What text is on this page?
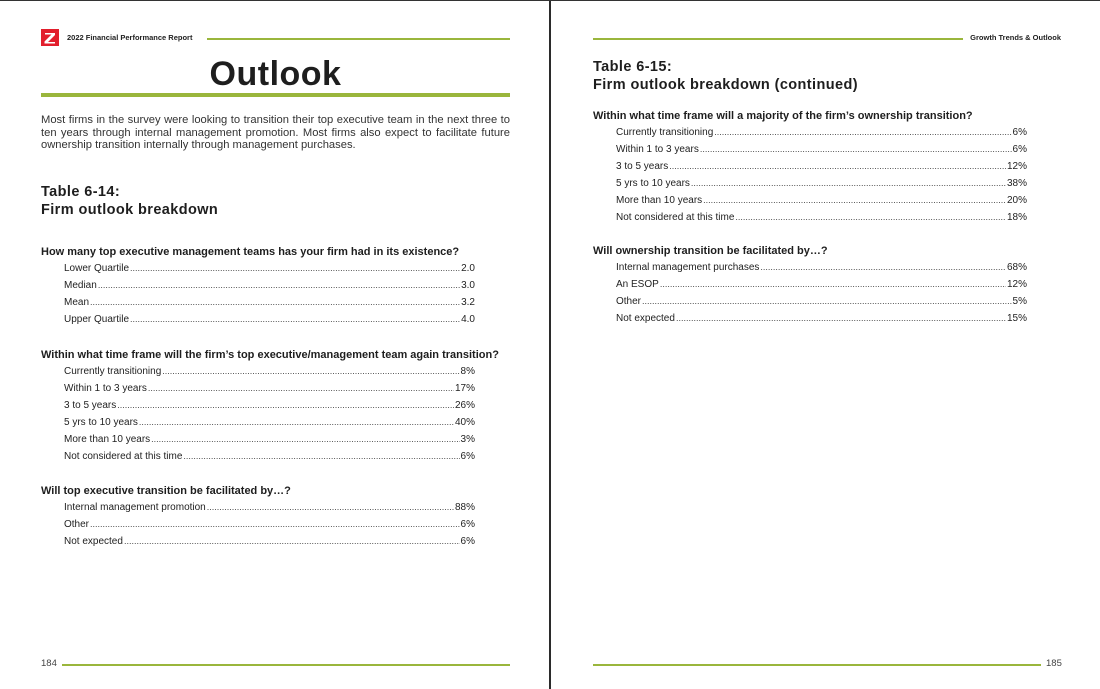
2022 Financial Performance Report
Outlook
Most firms in the survey were looking to transition their top executive team in the next three to ten years through internal management promotion. Most firms also expect to facilitate future ownership transition internally through management purchases.
Table 6-14:
Firm outlook breakdown
How many top executive management teams has your firm had in its existence?
Lower Quartile .....	2.0
Median .....	3.0
Mean .....	3.2
Upper Quartile .....	4.0
Within what time frame will the firm’s top executive/management team again transition?
Currently transitioning .....	8%
Within 1 to 3 years .....	17%
3 to 5 years .....	26%
5 yrs to 10 years .....	40%
More than 10 years .....	3%
Not considered at this time .....	6%
Will top executive transition be facilitated by…?
Internal management promotion .....	88%
Other .....	6%
Not expected .....	6%
184
Growth Trends & Outlook
Table 6-15:
Firm outlook breakdown (continued)
Within what time frame will a majority of the firm’s ownership transition?
Currently transitioning .....	6%
Within 1 to 3 years .....	6%
3 to 5 years .....	12%
5 yrs to 10 years .....	38%
More than 10 years .....	20%
Not considered at this time .....	18%
Will ownership transition be facilitated by…?
Internal management purchases .....	68%
An ESOP .....	12%
Other .....	5%
Not expected .....	15%
185
